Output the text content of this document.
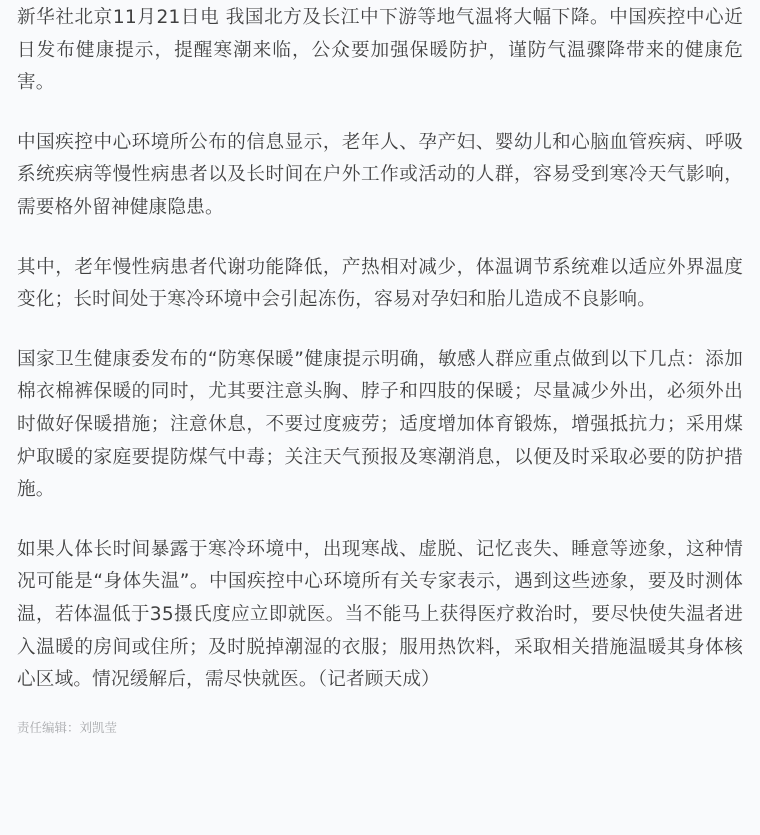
新华社北京11月21日电 我国北方及长江中下游等地气温将大幅下降。中国疾控中心近日发布健康提示，提醒寒潮来临，公众要加强保暖防护，谨防气温骤降带来的健康危害。

中国疾控中心环境所公布的信息显示，老年人、孕产妇、婴幼儿和心脑血管疾病、呼吸系统疾病等慢性病患者以及长时间在户外工作或活动的人群，容易受到寒冷天气影响，需要格外留神健康隐患。

其中，老年慢性病患者代谢功能降低，产热相对减少，体温调节系统难以适应外界温度变化；长时间处于寒冷环境中会引起冻伤，容易对孕妇和胎儿造成不良影响。

国家卫生健康委发布的“防寒保暖”健康提示明确，敏感人群应重点做到以下几点：添加棉衣棉裤保暖的同时，尤其要注意头胸、脖子和四肢的保暖；尽量减少外出，必须外出时做好保暖措施；注意休息，不要过度疲劳；适度增加体育锻炼，增强抵抗力；采用煤炉取暖的家庭要提防煤气中毒；关注天气预报及寒潮消息，以便及时采取必要的防护措施。

如果人体长时间暴露于寒冷环境中，出现寒战、虚脱、记忆丧失、睡意等迹象，这种情况可能是“身体失温”。中国疾控中心环境所有关专家表示，遇到这些迹象，要及时测体温，若体温低于35摄氏度应立即就医。当不能马上获得医疗救治时，要尽快使失温者进入温暖的房间或住所；及时脱掉潮湿的衣服；服用热饮料，采取相关措施温暖其身体核心区域。情况缓解后，需尽快就医。（记者顾天成）

责任编辑：刘凯莹
